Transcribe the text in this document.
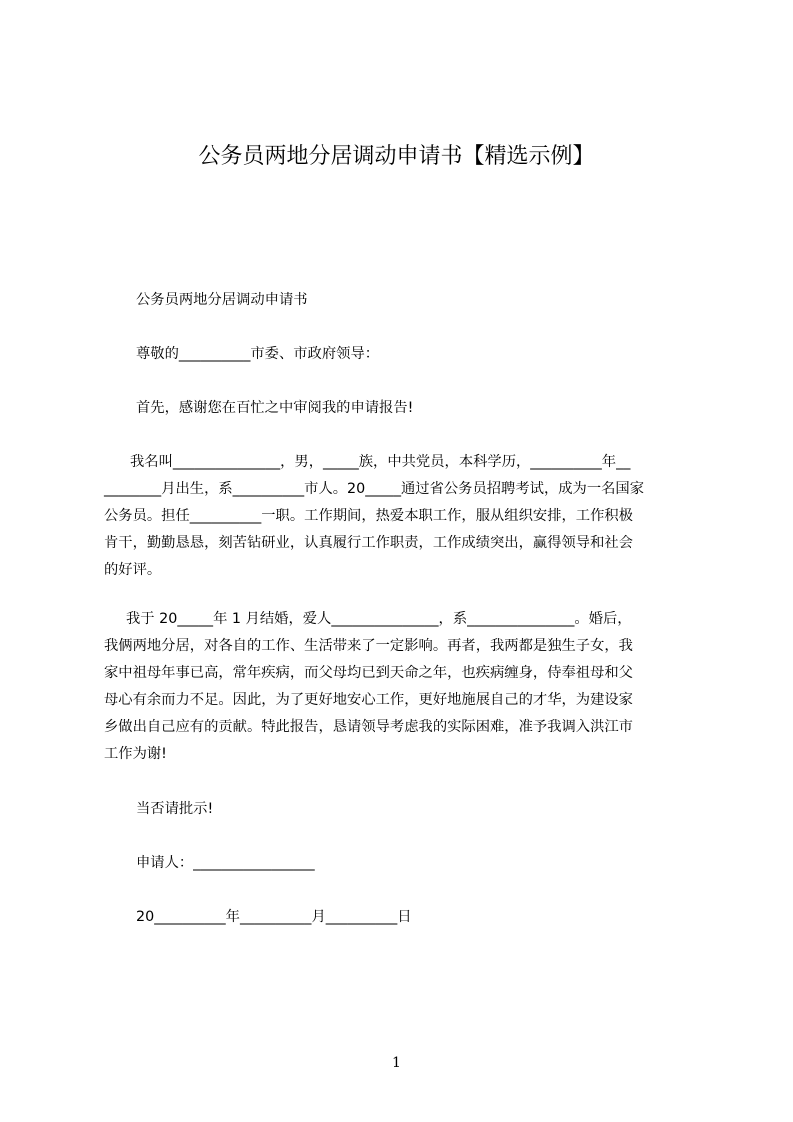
公务员两地分居调动申请书【精选示例】
公务员两地分居调动申请书
尊敬的__________市委、市政府领导：
首先，感谢您在百忙之中审阅我的申请报告!
我名叫_______________，男，_____族，中共党员，本科学历，__________年__
________月出生，系__________市人。20_____通过省公务员招聘考试，成为一名国家
公务员。担任__________一职。工作期间，热爱本职工作，服从组织安排，工作积极
肯干，勤勤恳恳，刻苦钻研业，认真履行工作职责，工作成绩突出，赢得领导和社会
的好评。
我于 20_____年 1 月结婚，爱人_______________，系_______________。婚后，
我俩两地分居，对各自的工作、生活带来了一定影响。再者，我两都是独生子女，我
家中祖母年事已高，常年疾病，而父母均已到天命之年，也疾病缠身，侍奉祖母和父
母心有余而力不足。因此，为了更好地安心工作，更好地施展自己的才华，为建设家
乡做出自己应有的贡献。特此报告，恳请领导考虑我的实际困难，准予我调入洪江市
工作为谢!
当否请批示!
申请人：_________________
20__________年__________月__________日
1
